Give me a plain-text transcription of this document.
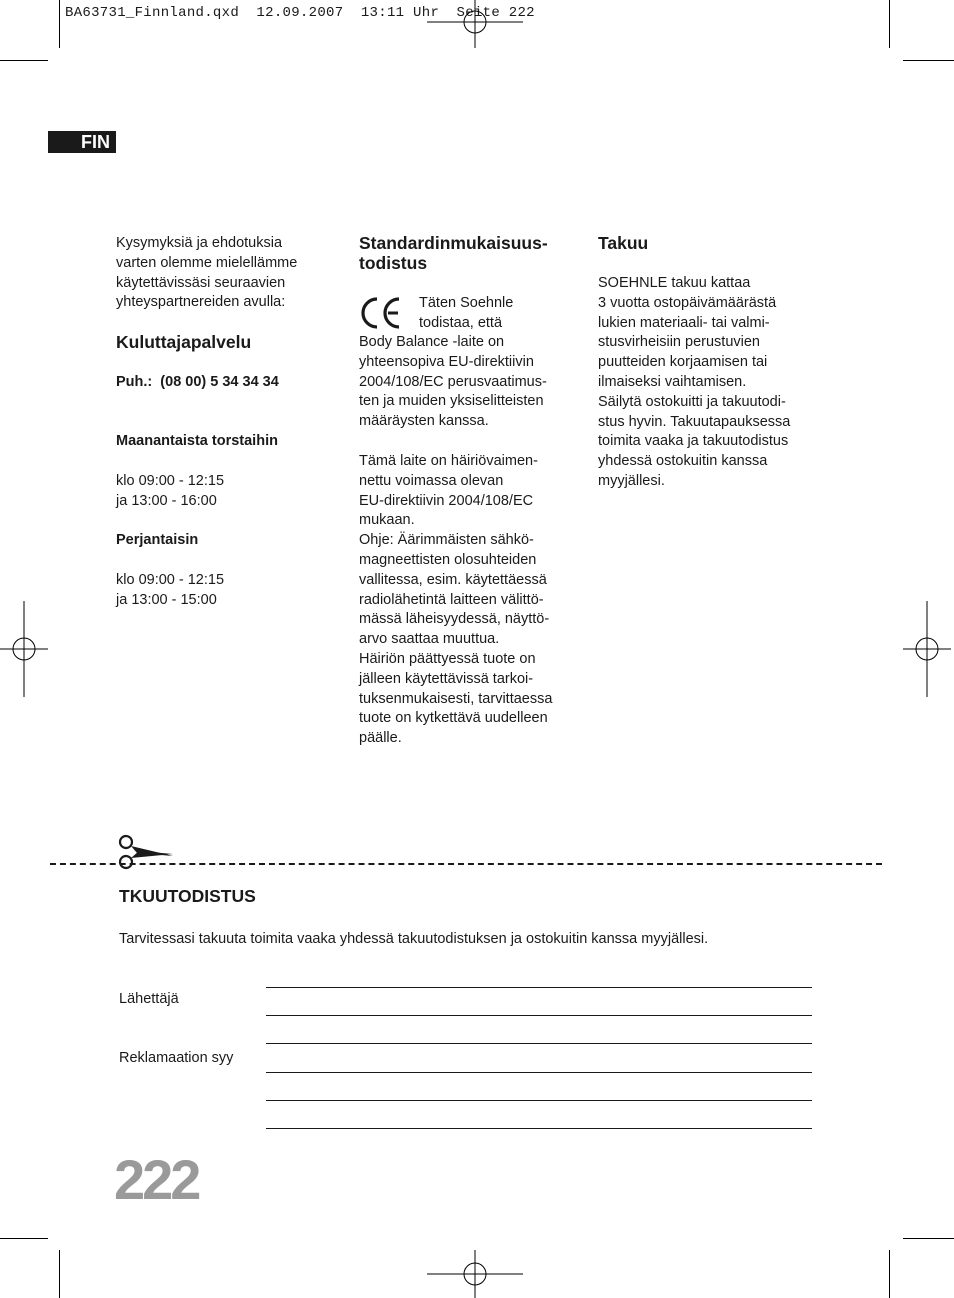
BA63731_Finnland.qxd  12.09.2007  13:11 Uhr  Seite 222
FIN
Kysymyksiä ja ehdotuksia
varten olemme mielellämme
käytettävissäsi seuraavien
yhteyspartnereiden avulla:
Kuluttajapalvelu
Puh.:  (08 00) 5 34 34 34
Maanantaista torstaihin
klo 09:00 - 12:15
ja 13:00 - 16:00
Perjantaisin
klo 09:00 - 12:15
ja 13:00 - 15:00
Standardinmukaisuus-
todistus
Täten Soehnle
todistaa, että
Body Balance -laite on
yhteensopiva EU-direktiivin
2004/108/EC perusvaatimus-
ten ja muiden yksiselitteisten
määräysten kanssa.
Tämä laite on häiriövaimen-
nettu voimassa olevan
EU-direktiivin 2004/108/EC
mukaan.
Ohje: Äärimmäisten sähkö-
magneettisten olosuhteiden
vallitessa, esim. käytettäessä
radiolähetintä laitteen välittö-
mässä läheisyydessä, näyttö-
arvo saattaa muuttua.
Häiriön päättyessä tuote on
jälleen käytettävissä tarkoi-
tuksenmukaisesti, tarvittaessa
tuote on kytkettävä uudelleen
päälle.
Takuu
SOEHNLE takuu kattaa
3 vuotta ostopäivämäärästä
lukien materiaali- tai valmi-
stusvirheisiin perustuvien
puutteiden korjaamisen tai
ilmaiseksi vaihtamisen.
Säilytä ostokuitti ja takuutodi-
stus hyvin. Takuutapauksessa
toimita vaaka ja takuutodistus
yhdessä ostokuitin kanssa
myyjällesi.
TKUUTODISTUS
Tarvitessasi takuuta toimita vaaka yhdessä takuutodistuksen ja ostokuitin kanssa myyjällesi.
Lähettäjä
Reklamaation syy
222
